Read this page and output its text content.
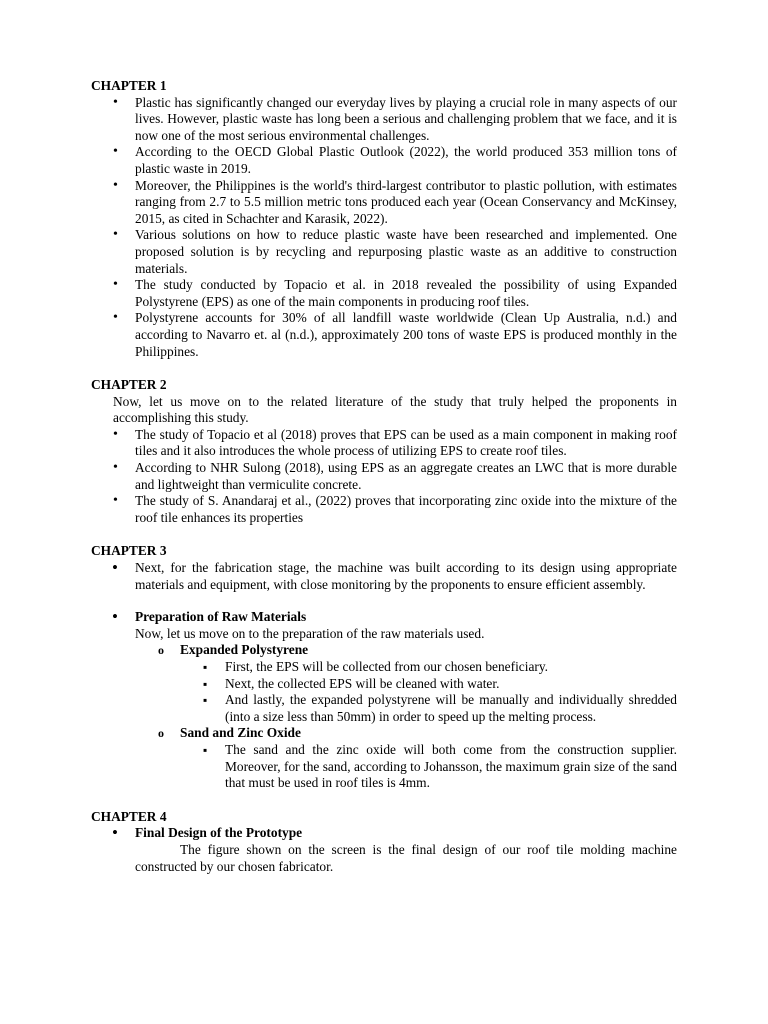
CHAPTER 1

• Plastic has significantly changed our everyday lives by playing a crucial role in many aspects of our lives. However, plastic waste has long been a serious and challenging problem that we face, and it is now one of the most serious environmental challenges.
• According to the OECD Global Plastic Outlook (2022), the world produced 353 million tons of plastic waste in 2019.
• Moreover, the Philippines is the world's third-largest contributor to plastic pollution, with estimates ranging from 2.7 to 5.5 million metric tons produced each year (Ocean Conservancy and McKinsey, 2015, as cited in Schachter and Karasik, 2022).
• Various solutions on how to reduce plastic waste have been researched and implemented. One proposed solution is by recycling and repurposing plastic waste as an additive to construction materials.
• The study conducted by Topacio et al. in 2018 revealed the possibility of using Expanded Polystyrene (EPS) as one of the main components in producing roof tiles.
• Polystyrene accounts for 30% of all landfill waste worldwide (Clean Up Australia, n.d.) and according to Navarro et. al (n.d.), approximately 200 tons of waste EPS is produced monthly in the Philippines.

CHAPTER 2

Now, let us move on to the related literature of the study that truly helped the proponents in accomplishing this study.

• The study of Topacio et al (2018) proves that EPS can be used as a main component in making roof tiles and it also introduces the whole process of utilizing EPS to create roof tiles.
• According to NHR Sulong (2018), using EPS as an aggregate creates an LWC that is more durable and lightweight than vermiculite concrete.
• The study of S. Anandaraj et al., (2022) proves that incorporating zinc oxide into the mixture of the roof tile enhances its properties

CHAPTER 3

• Next, for the fabrication stage, the machine was built according to its design using appropriate materials and equipment, with close monitoring by the proponents to ensure efficient assembly.
• Preparation of Raw Materials

Now, let us move on to the preparation of the raw materials used.

o Expanded Polystyrene
▪ First, the EPS will be collected from our chosen beneficiary.
▪ Next, the collected EPS will be cleaned with water.
▪ And lastly, the expanded polystyrene will be manually and individually shredded (into a size less than 50mm) in order to speed up the melting process.
o Sand and Zinc Oxide
▪ The sand and the zinc oxide will both come from the construction supplier. Moreover, for the sand, according to Johansson, the maximum grain size of the sand that must be used in roof tiles is 4mm.

CHAPTER 4

• Final Design of the Prototype
The figure shown on the screen is the final design of our roof tile molding machine constructed by our chosen fabricator.
